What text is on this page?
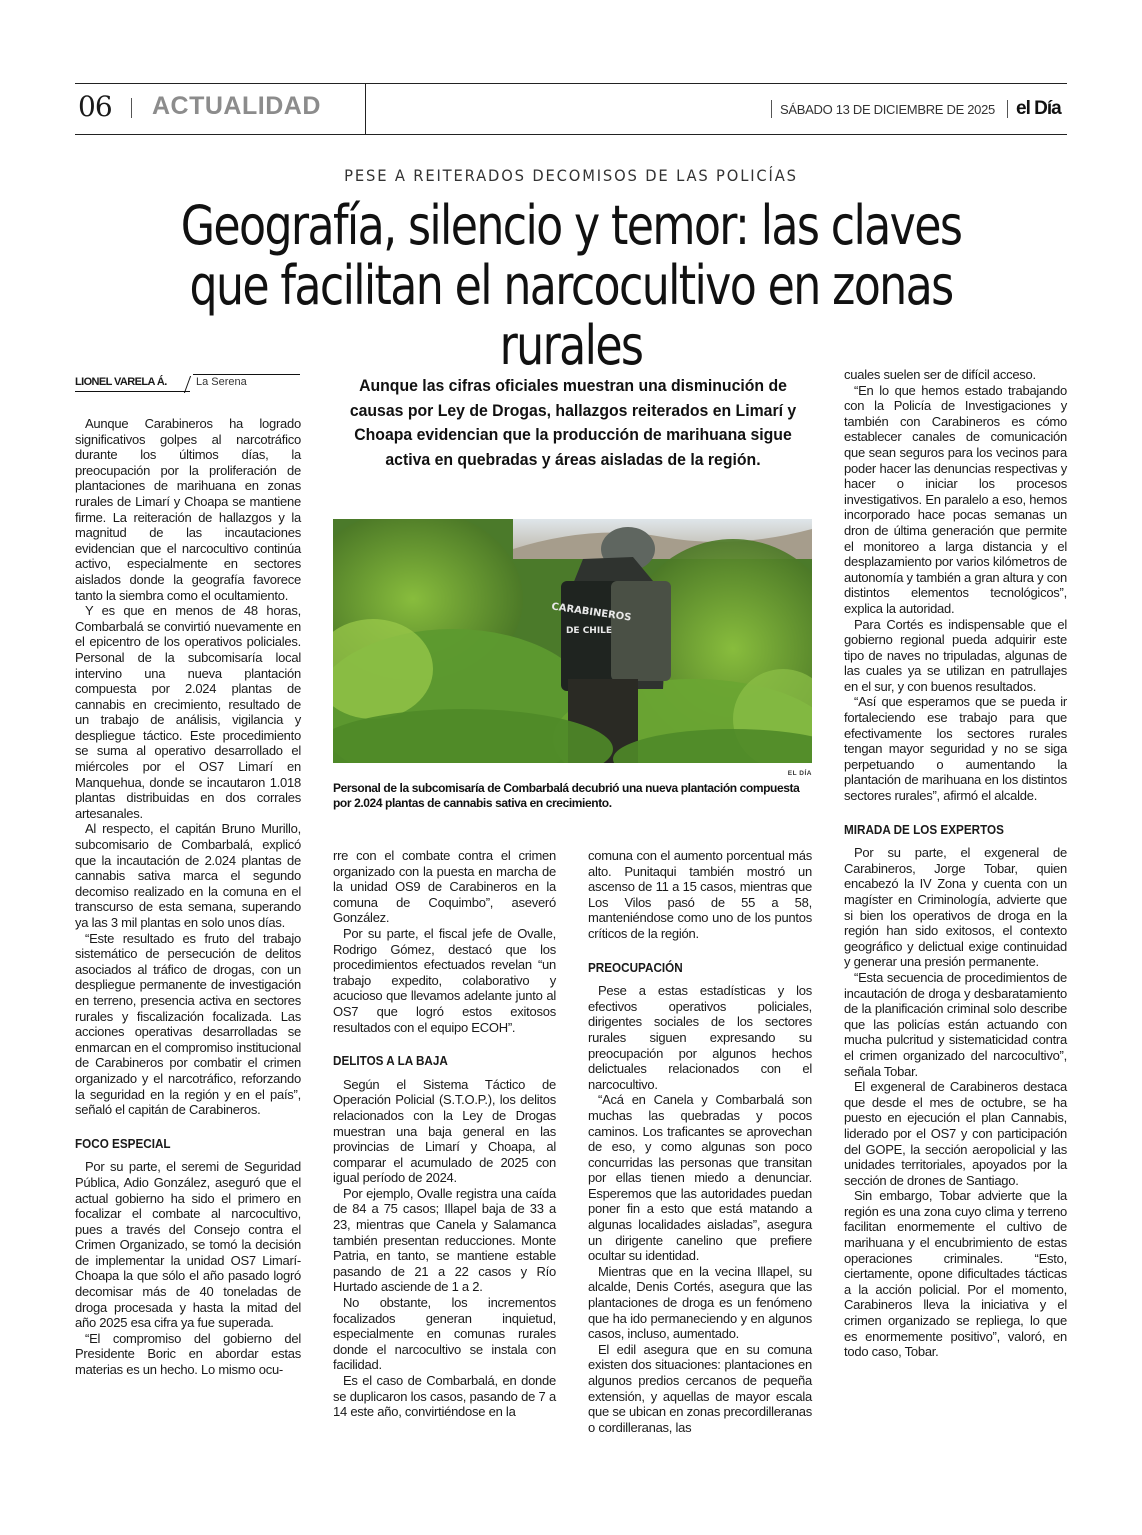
06 ACTUALIDAD	SÁBADO 13 DE DICIEMBRE DE 2025 el Día
PESE A REITERADOS DECOMISOS DE LAS POLICÍAS
Geografía, silencio y temor: las claves que facilitan el narcocultivo en zonas rurales
LIONEL VARELA Á.	La Serena

Aunque Carabineros ha logrado significativos golpes al narcotráfico durante los últimos días, la preocupación por la proliferación de plantaciones de marihuana en zonas rurales de Limarí y Choapa se mantiene firme. La reiteración de hallazgos y la magnitud de las incautaciones evidencian que el narcocultivo continúa activo, especialmente en sectores aislados donde la geografía favorece tanto la siembra como el ocultamiento.

Y es que en menos de 48 horas, Combarbalá se convirtió nuevamente en el epicentro de los operativos policiales. Personal de la subcomisaría local intervino una nueva plantación compuesta por 2.024 plantas de cannabis en crecimiento, resultado de un trabajo de análisis, vigilancia y despliegue táctico. Este procedimiento se suma al operativo desarrollado el miércoles por el OS7 Limarí en Manquehua, donde se incautaron 1.018 plantas distribuidas en dos corrales artesanales.

Al respecto, el capitán Bruno Murillo, subcomisario de Combarbalá, explicó que la incautación de 2.024 plantas de cannabis sativa marca el segundo decomiso realizado en la comuna en el transcurso de esta semana, superando ya las 3 mil plantas en solo unos días.

“Este resultado es fruto del trabajo sistemático de persecución de delitos asociados al tráfico de drogas, con un despliegue permanente de investigación en terreno, presencia activa en sectores rurales y fiscalización focalizada. Las acciones operativas desarrolladas se enmarcan en el compromiso institucional de Carabineros por combatir el crimen organizado y el narcotráfico, reforzando la seguridad en la región y en el país”, señaló el capitán de Carabineros.

FOCO ESPECIAL

Por su parte, el seremi de Seguridad Pública, Adio González, aseguró que el actual gobierno ha sido el primero en focalizar el combate al narcocultivo, pues a través del Consejo contra el Crimen Organizado, se tomó la decisión de implementar la unidad OS7 Limarí-Choapa la que sólo el año pasado logró decomisar más de 40 toneladas de droga procesada y hasta la mitad del año 2025 esa cifra ya fue superada.

“El compromiso del gobierno del Presidente Boric en abordar estas materias es un hecho. Lo mismo ocu-

Aunque las cifras oficiales muestran una disminución de causas por Ley de Drogas, hallazgos reiterados en Limarí y Choapa evidencian que la producción de marihuana sigue activa en quebradas y áreas aisladas de la región.
CARABINEROS
DE CHILE
EL DÍA
Personal de la subcomisaría de Combarbalá decubrió una nueva plantación compuesta por 2.024 plantas de cannabis sativa en crecimiento.

rre con el combate contra el crimen organizado con la puesta en marcha de la unidad OS9 de Carabineros en la comuna de Coquimbo”, aseveró González.

Por su parte, el fiscal jefe de Ovalle, Rodrigo Gómez, destacó que los procedimientos efectuados revelan “un trabajo expedito, colaborativo y acucioso que llevamos adelante junto al OS7 que logró estos exitosos resultados con el equipo ECOH”.

DELITOS A LA BAJA

Según el Sistema Táctico de Operación Policial (S.T.O.P.), los delitos relacionados con la Ley de Drogas muestran una baja general en las provincias de Limarí y Choapa, al comparar el acumulado de 2025 con igual período de 2024.

Por ejemplo, Ovalle registra una caída de 84 a 75 casos; Illapel baja de 33 a 23, mientras que Canela y Salamanca también presentan reducciones. Monte Patria, en tanto, se mantiene estable pasando de 21 a 22 casos y Río Hurtado asciende de 1 a 2.

No obstante, los incrementos focalizados generan inquietud, especialmente en comunas rurales donde el narcocultivo se instala con facilidad.

Es el caso de Combarbalá, en donde se duplicaron los casos, pasando de 7 a 14 este año, convirtiéndose en la

comuna con el aumento porcentual más alto. Punitaqui también mostró un ascenso de 11 a 15 casos, mientras que Los Vilos pasó de 55 a 58, manteniéndose como uno de los puntos críticos de la región.

PREOCUPACIÓN

Pese a estas estadísticas y los efectivos operativos policiales, dirigentes sociales de los sectores rurales siguen expresando su preocupación por algunos hechos delictuales relacionados con el narcocultivo.

“Acá en Canela y Combarbalá son muchas las quebradas y pocos caminos. Los traficantes se aprovechan de eso, y como algunas son poco concurridas las personas que transitan por ellas tienen miedo a denunciar. Esperemos que las autoridades puedan poner fin a esto que está matando a algunas localidades aisladas”, asegura un dirigente canelino que prefiere ocultar su identidad.

Mientras que en la vecina Illapel, su alcalde, Denis Cortés, asegura que las plantaciones de droga es un fenómeno que ha ido permaneciendo y en algunos casos, incluso, aumentado.

El edil asegura que en su comuna existen dos situaciones: plantaciones en algunos predios cercanos de pequeña extensión, y aquellas de mayor escala que se ubican en zonas precordilleranas o cordilleranas, las

cuales suelen ser de difícil acceso.

“En lo que hemos estado trabajando con la Policía de Investigaciones y también con Carabineros es cómo establecer canales de comunicación que sean seguros para los vecinos para poder hacer las denuncias respectivas y hacer o iniciar los procesos investigativos. En paralelo a eso, hemos incorporado hace pocas semanas un dron de última generación que permite el monitoreo a larga distancia y el desplazamiento por varios kilómetros de autonomía y también a gran altura y con distintos elementos tecnológicos”, explica la autoridad.

Para Cortés es indispensable que el gobierno regional pueda adquirir este tipo de naves no tripuladas, algunas de las cuales ya se utilizan en patrullajes en el sur, y con buenos resultados.

“Así que esperamos que se pueda ir fortaleciendo ese trabajo para que efectivamente los sectores rurales tengan mayor seguridad y no se siga perpetuando o aumentando la plantación de marihuana en los distintos sectores rurales”, afirmó el alcalde.

MIRADA DE LOS EXPERTOS

Por su parte, el exgeneral de Carabineros, Jorge Tobar, quien encabezó la IV Zona y cuenta con un magíster en Criminología, advierte que si bien los operativos de droga en la región han sido exitosos, el contexto geográfico y delictual exige continuidad y generar una presión permanente.

“Esta secuencia de procedimientos de incautación de droga y desbaratamiento de la planificación criminal solo describe que las policías están actuando con mucha pulcritud y sistematicidad contra el crimen organizado del narcocultivo”, señala Tobar.

El exgeneral de Carabineros destaca que desde el mes de octubre, se ha puesto en ejecución el plan Cannabis, liderado por el OS7 y con participación del GOPE, la sección aeropolicial y las unidades territoriales, apoyados por la sección de drones de Santiago.

Sin embargo, Tobar advierte que la región es una zona cuyo clima y terreno facilitan enormemente el cultivo de marihuana y el encubrimiento de estas operaciones criminales. “Esto, ciertamente, opone dificultades tácticas a la acción policial. Por el momento, Carabineros lleva la iniciativa y el crimen organizado se repliega, lo que es enormemente positivo”, valoró, en todo caso, Tobar.
